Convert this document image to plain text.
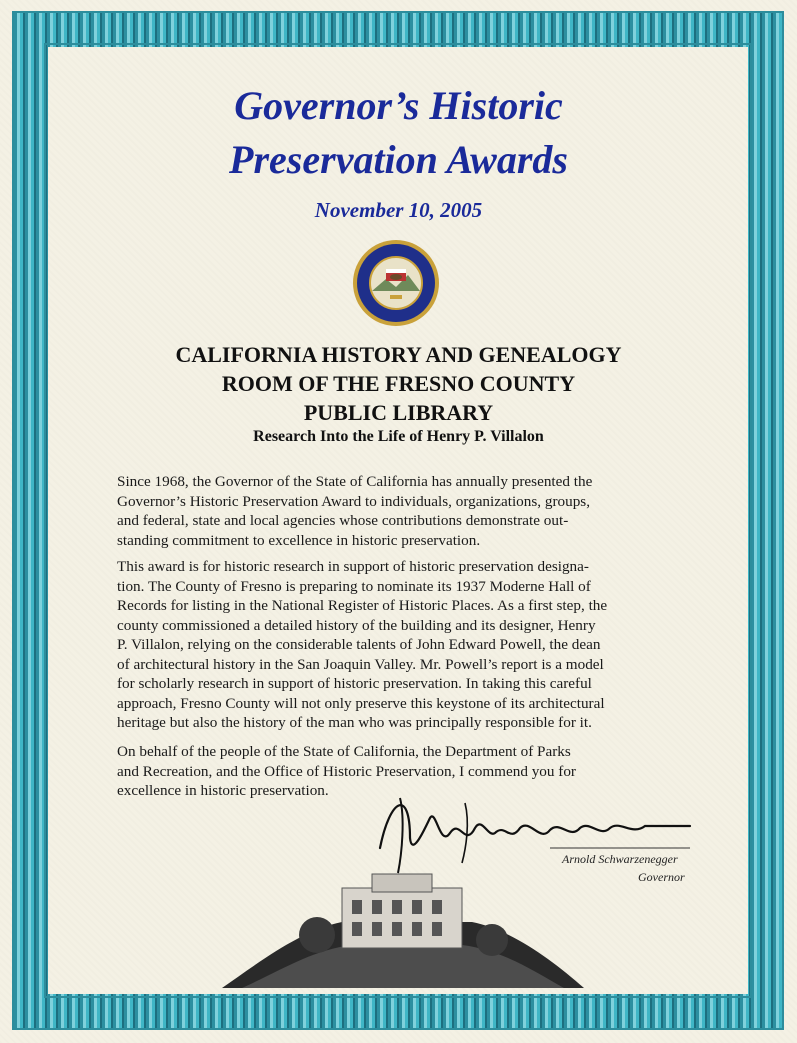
Governor’s Historic
Preservation Awards
November 10, 2005
CALIFORNIA HISTORY AND GENEALOGY
ROOM OF THE FRESNO COUNTY
PUBLIC LIBRARY
Research Into the Life of Henry P. Villalon
Since 1968, the Governor of the State of California has annually presented the
Governor’s Historic Preservation Award to individuals, organizations, groups,
and federal, state and local agencies whose contributions demonstrate out-
standing commitment to excellence in historic preservation.
This award is for historic research in support of historic preservation designa-
tion. The County of Fresno is preparing to nominate its 1937 Moderne Hall of
Records for listing in the National Register of Historic Places. As a first step, the
county commissioned a detailed history of the building and its designer, Henry
P. Villalon, relying on the considerable talents of John Edward Powell, the dean
of architectural history in the San Joaquin Valley. Mr. Powell’s report is a model
for scholarly research in support of historic preservation. In taking this careful
approach, Fresno County will not only preserve this keystone of its architectural
heritage but also the history of the man who was principally responsible for it.
On behalf of the people of the State of California, the Department of Parks
and Recreation, and the Office of Historic Preservation, I commend you for
excellence in historic preservation.
Arnold Schwarzenegger
Governor
